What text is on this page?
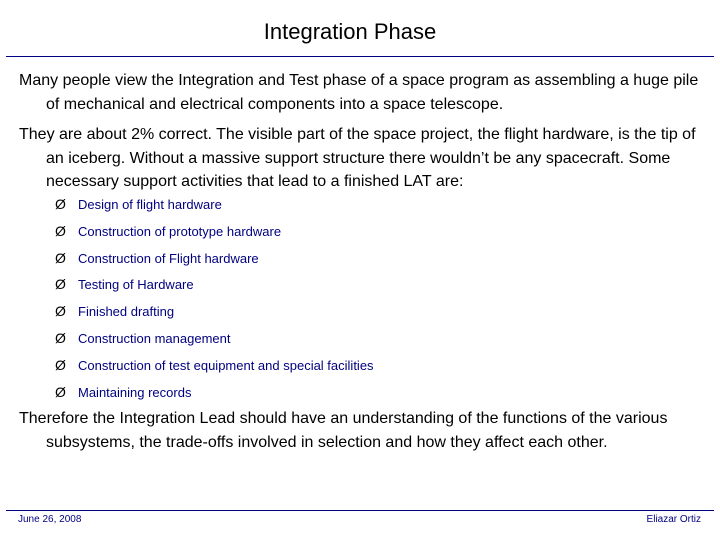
Integration Phase

Many people view the Integration and Test phase of a space program as assembling a huge pile of mechanical and electrical components into a space telescope.

They are about 2% correct. The visible part of the space project, the flight hardware, is the tip of an iceberg. Without a massive support structure there wouldn’t be any spacecraft. Some necessary support activities that lead to a finished LAT are:

Ø Design of flight hardware
Ø Construction of prototype hardware
Ø Construction of Flight hardware
Ø Testing of Hardware
Ø Finished drafting
Ø Construction management
Ø Construction of test equipment and special facilities
Ø Maintaining records

Therefore the Integration Lead should have an understanding of the functions of the various subsystems, the trade-offs involved in selection and how they affect each other.

June 26, 2008	Eliazar Ortiz
